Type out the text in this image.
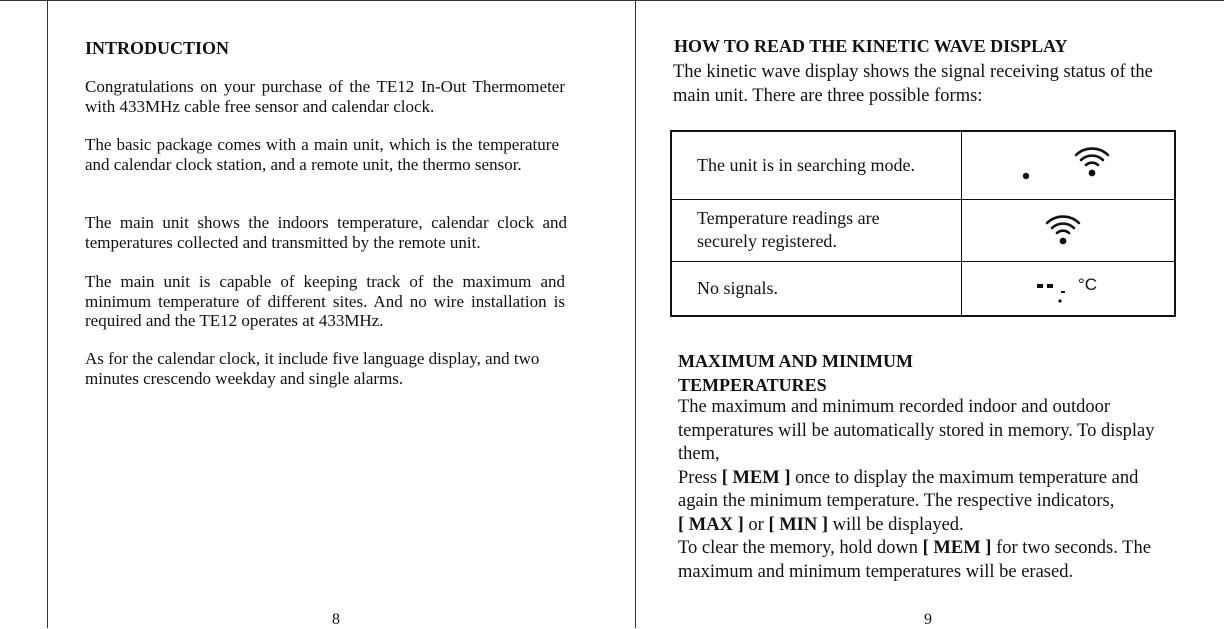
INTRODUCTION
Congratulations on your purchase of the TE12 In-Out Thermometer with 433MHz cable free sensor and calendar clock.
The basic package comes with a main unit, which is the temperature and calendar clock station, and a remote unit, the thermo sensor.
The main unit shows the indoors temperature, calendar clock and temperatures collected and transmitted by the remote unit.
The main unit is capable of keeping track of the maximum and minimum temperature of different sites. And no wire installation is required and the TE12 operates at 433MHz.
As for the calendar clock, it include five language display, and two minutes crescendo weekday and single alarms.
8
HOW TO READ THE KINETIC WAVE DISPLAY
The kinetic wave display shows the signal receiving status of the
main unit. There are three possible forms:
The unit is in searching mode.

Temperature readings are
securely registered.

No signals.	°C
MAXIMUM AND MINIMUM
TEMPERATURES
The maximum and minimum recorded indoor and outdoor
temperatures will be automatically stored in memory. To display
them,
Press [ MEM ] once to display the maximum temperature and
again the minimum temperature. The respective indicators,
[ MAX ] or [ MIN ] will be displayed.
To clear the memory, hold down [ MEM ] for two seconds. The
maximum and minimum temperatures will be erased.
9
